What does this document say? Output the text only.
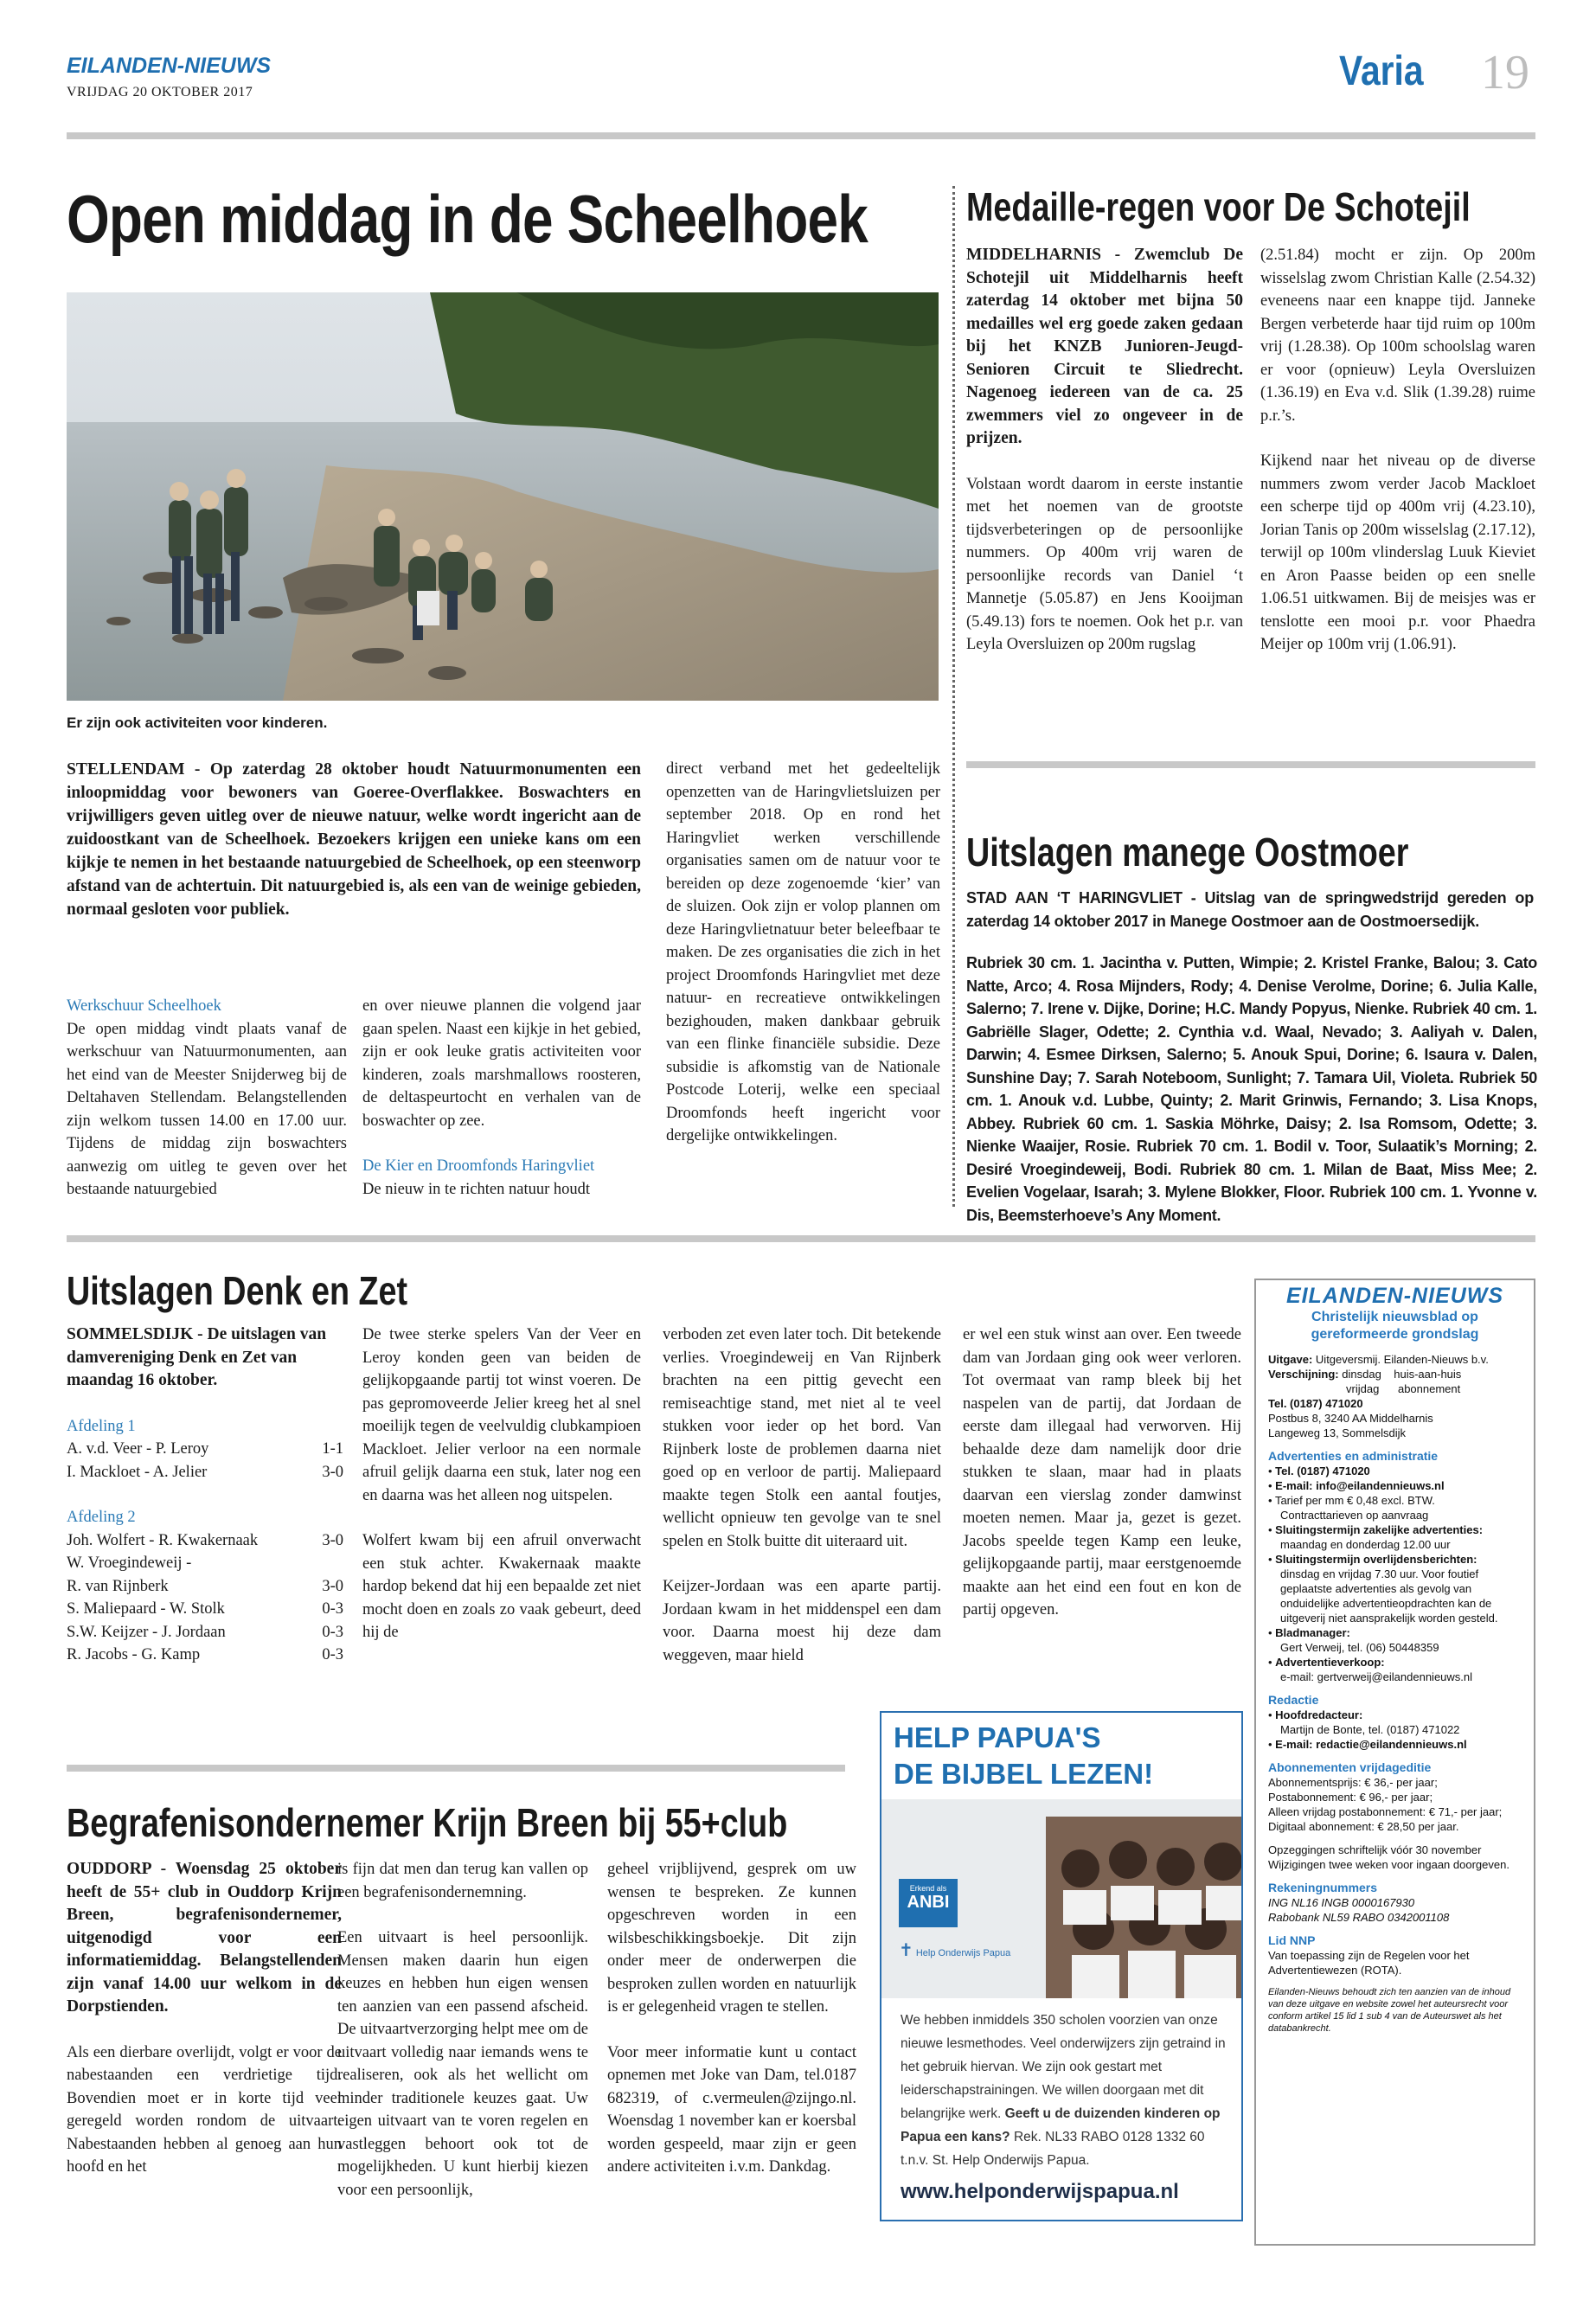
EILANDEN-NIEUWS
VRIJDAG 20 OKTOBER 2017	Varia 19
Open middag in de Scheelhoek
Er zijn ook activiteiten voor kinderen.
STELLENDAM - Op zaterdag 28 oktober houdt Natuurmonumenten een inloopmiddag voor bewoners van Goeree-Overflakkee. Boswachters en vrijwilligers geven uitleg over de nieuwe natuur, welke wordt ingericht aan de zuidoostkant van de Scheelhoek. Bezoekers krijgen een unieke kans om een kijkje te nemen in het bestaande natuurgebied de Scheelhoek, op een steenworp afstand van de achtertuin. Dit natuurgebied is, als een van de weinige gebieden, normaal gesloten voor publiek.
Werkschuur Scheelhoek
De open middag vindt plaats vanaf de werkschuur van Natuurmonumenten, aan het eind van de Meester Snijderweg bij de Deltahaven Stellendam. Belangstellenden zijn welkom tussen 14.00 en 17.00 uur. Tijdens de middag zijn boswachters aanwezig om uitleg te geven over het bestaande natuurgebied

en over nieuwe plannen die volgend jaar gaan spelen. Naast een kijkje in het gebied, zijn er ook leuke gratis activiteiten voor kinderen, zoals marshmallows roosteren, de deltaspeurtocht en verhalen van de boswachter op zee.

De Kier en Droomfonds Haringvliet
De nieuw in te richten natuur houdt
direct verband met het gedeeltelijk openzetten van de Haringvlietsluizen per september 2018. Op en rond het Haringvliet werken verschillende organisaties samen om de natuur voor te bereiden op deze zogenoemde ‘kier’ van de sluizen. Ook zijn er volop plannen om deze Haringvlietnatuur beter beleefbaar te maken. De zes organisaties die zich in het project Droomfonds Haringvliet met deze natuur- en recreatieve ontwikkelingen bezighouden, maken dankbaar gebruik van een flinke financiële subsidie. Deze subsidie is afkomstig van de Nationale Postcode Loterij, welke een speciaal Droomfonds heeft ingericht voor dergelijke ontwikkelingen.
Medaille-regen voor De Schotejil

MIDDELHARNIS - Zwemclub De Schotejil uit Middelharnis heeft zaterdag 14 oktober met bijna 50 medailles wel erg goede zaken gedaan bij het KNZB Junioren-Jeugd-Senioren Circuit te Sliedrecht. Nagenoeg iedereen van de ca. 25 zwemmers viel zo ongeveer in de prijzen.

Volstaan wordt daarom in eerste instantie met het noemen van de grootste tijdsverbeteringen op de persoonlijke nummers. Op 400m vrij waren de persoonlijke records van Daniel ‘t Mannetje (5.05.87) en Jens Kooijman (5.49.13) fors te noemen. Ook het p.r. van Leyla Oversluizen op 200m rugslag

(2.51.84) mocht er zijn. Op 200m wisselslag zwom Christian Kalle (2.54.32) eveneens naar een knappe tijd. Janneke Bergen verbeterde haar tijd ruim op 100m vrij (1.28.38). Op 100m schoolslag waren er voor (opnieuw) Leyla Oversluizen (1.36.19) en Eva v.d. Slik (1.39.28) ruime p.r.’s.

Kijkend naar het niveau op de diverse nummers zwom verder Jacob Mackloet een scherpe tijd op 400m vrij (4.23.10), Jorian Tanis op 200m wisselslag (2.17.12), terwijl op 100m vlinderslag Luuk Kieviet en Aron Paasse beiden op een snelle 1.06.51 uitkwamen. Bij de meisjes was er tenslotte een mooi p.r. voor Phaedra Meijer op 100m vrij (1.06.91).
Uitslagen manege Oostmoer
STAD AAN ‘T HARINGVLIET - Uitslag van de springwedstrijd gereden op zaterdag 14 oktober 2017 in Manege Oostmoer aan de Oostmoersedijk.
Rubriek 30 cm. 1. Jacintha v. Putten, Wimpie; 2. Kristel Franke, Balou; 3. Cato Natte, Arco; 4. Rosa Mijnders, Rody; 4. Denise Verolme, Dorine; 6. Julia Kalle, Salerno; 7. Irene v. Dijke, Dorine; H.C. Mandy Popyus, Nienke. Rubriek 40 cm. 1. Gabriëlle Slager, Odette; 2. Cynthia v.d. Waal, Nevado; 3. Aaliyah v. Dalen, Darwin; 4. Esmee Dirksen, Salerno; 5. Anouk Spui, Dorine; 6. Isaura v. Dalen, Sunshine Day; 7. Sarah Noteboom, Sunlight; 7. Tamara Uil, Violeta. Rubriek 50 cm. 1. Anouk v.d. Lubbe, Quinty; 2. Marit Grinwis, Fernando; 3. Lisa Knops, Abbey. Rubriek 60 cm. 1. Saskia Möhrke, Daisy; 2. Isa Romsom, Odette; 3. Nienke Waaijer, Rosie. Rubriek 70 cm. 1. Bodil v. Toor, Sulaatik’s Morning; 2. Desiré Vroegindeweij, Bodi. Rubriek 80 cm. 1. Milan de Baat, Miss Mee; 2. Evelien Vogelaar, Isarah; 3. Mylene Blokker, Floor. Rubriek 100 cm. 1. Yvonne v. Dis, Beemsterhoeve’s Any Moment.
Uitslagen Denk en Zet

SOMMELSDIJK - De uitslagen van damvereniging Denk en Zet van maandag 16 oktober.

Afdeling 1
A. v.d. Veer - P. Leroy	1-1
I. Mackloet - A. Jelier	3-0
Afdeling 2
Joh. Wolfert - R. Kwakernaak	3-0
W. Vroegindeweij -	
R. van Rijnberk	3-0
S. Maliepaard - W. Stolk	0-3
S.W. Keijzer - J. Jordaan	0-3
R. Jacobs - G. Kamp	0-3

De twee sterke spelers Van der Veer en Leroy konden geen van beiden de gelijkopgaande partij tot winst voeren. De pas gepromoveerde Jelier kreeg het al snel moeilijk tegen de veelvuldig clubkampioen Mackloet. Jelier verloor na een normale afruil gelijk daarna een stuk, later nog een en daarna was het alleen nog uitspelen.

Wolfert kwam bij een afruil onverwacht een stuk achter. Kwakernaak maakte hardop bekend dat hij een bepaalde zet niet mocht doen en zoals zo vaak gebeurt, deed hij de

verboden zet even later toch. Dit betekende verlies. Vroegindeweij en Van Rijnberk brachten na een pittig gevecht een remiseachtige stand, met niet al te veel stukken voor ieder op het bord. Van Rijnberk loste de problemen daarna niet goed op en verloor de partij. Maliepaard maakte tegen Stolk een aantal foutjes, wellicht opnieuw ten gevolge van te snel spelen en Stolk buitte dit uiteraard uit.

Keijzer-Jordaan was een aparte partij. Jordaan kwam in het middenspel een dam voor. Daarna moest hij deze dam weggeven, maar hield
er wel een stuk winst aan over. Een tweede dam van Jordaan ging ook weer verloren. Tot overmaat van ramp bleek bij het naspelen van de partij, dat Jordaan de eerste dam illegaal had verworven. Hij behaalde deze dam namelijk door drie stukken te slaan, maar had in plaats daarvan een vierslag zonder damwinst moeten nemen. Maar ja, gezet is gezet. Jacobs speelde tegen Kamp een leuke, gelijkopgaande partij, maar eerstgenoemde maakte aan het eind een fout en kon de partij opgeven.
Begrafenisondernemer Krijn Breen bij 55+club

OUDDORP - Woensdag 25 oktober heeft de 55+ club in Ouddorp Krijn Breen, begrafenisondernemer, uitgenodigd voor een informatiemiddag. Belangstellenden zijn vanaf 14.00 uur welkom in de Dorpstienden.

Als een dierbare overlijdt, volgt er voor de nabestaanden een verdrietige tijd. Bovendien moet er in korte tijd veel geregeld worden rondom de uitvaart. Nabestaanden hebben al genoeg aan hun hoofd en het

is fijn dat men dan terug kan vallen op een begrafenisondernemning.

Een uitvaart is heel persoonlijk. Mensen maken daarin hun eigen keuzes en hebben hun eigen wensen ten aanzien van een passend afscheid. De uitvaartverzorging helpt mee om de uitvaart volledig naar iemands wens te realiseren, ook als het wellicht om minder traditionele keuzes gaat. Uw eigen uitvaart van te voren regelen en vastleggen behoort ook tot de mogelijkheden. U kunt hierbij kiezen voor een persoonlijk,

geheel vrijblijvend, gesprek om uw wensen te bespreken. Ze kunnen opgeschreven worden in een wilsbeschikkingsboekje. Dit zijn onder meer de onderwerpen die besproken zullen worden en natuurlijk is er gelegenheid vragen te stellen.

Voor meer informatie kunt u contact opnemen met Joke van Dam, tel.0187 682319, of c.vermeulen@zijngo.nl. Woensdag 1 november kan er koersbal worden gespeeld, maar zijn er geen andere activiteiten i.v.m. Dankdag.
HELP PAPUA'S
DE BIJBEL LEZEN!
Erkend als
ANBI
✝ Help Onderwijs Papua
We hebben inmiddels 350 scholen voorzien van onze nieuwe lesmethodes. Veel onderwijzers zijn getraind in het gebruik hiervan. We zijn ook gestart met leiderschapstrainingen. We willen doorgaan met dit belangrijke werk. Geeft u de duizenden kinderen op Papua een kans? Rek. NL33 RABO 0128 1332 60 t.n.v. St. Help Onderwijs Papua.
www.helponderwijspapua.nl
EILANDEN-NIEUWS
Christelijk nieuwsblad op
gereformeerde grondslag
Uitgave: Uitgeversmij. Eilanden-Nieuws b.v.
Verschijning: dinsdag    huis-aan-huis
vrijdag      abonnement
Tel. (0187) 471020
Postbus 8, 3240 AA Middelharnis
Langeweg 13, Sommelsdijk
Advertenties en administratie
• Tel. (0187) 471020
• E-mail: info@eilandennieuws.nl
• Tarief per mm € 0,48 excl. BTW.
Contracttarieven op aanvraag
• Sluitingstermijn zakelijke advertenties:
maandag en donderdag 12.00 uur
• Sluitingstermijn overlijdensberichten:
dinsdag en vrijdag 7.30 uur. Voor foutief geplaatste advertenties als gevolg van onduidelijke advertentieopdrachten kan de uitgeverij niet aansprakelijk worden gesteld.
• Bladmanager:
Gert Verweij, tel. (06) 50448359
• Advertentieverkoop:
e-mail: gertverweij@eilandennieuws.nl
Redactie
• Hoofdredacteur:
Martijn de Bonte, tel. (0187) 471022
• E-mail: redactie@eilandennieuws.nl
Abonnementen vrijdageditie
Abonnementsprijs: € 36,- per jaar;
Postabonnement: € 96,- per jaar;
Alleen vrijdag postabonnement: € 71,- per jaar;
Digitaal abonnement: € 28,50 per jaar.
Opzeggingen schriftelijk vóór 30 november
Wijzigingen twee weken voor ingaan doorgeven.
Rekeningnummers
ING NL16 INGB 0000167930
Rabobank NL59 RABO 0342001108
Lid NNP
Van toepassing zijn de Regelen voor het Advertentiewezen (ROTA).
Eilanden-Nieuws behoudt zich ten aanzien van de inhoud van deze uitgave en website zowel het auteursrecht voor conform artikel 15 lid 1 sub 4 van de Auteurswet als het databankrecht.
